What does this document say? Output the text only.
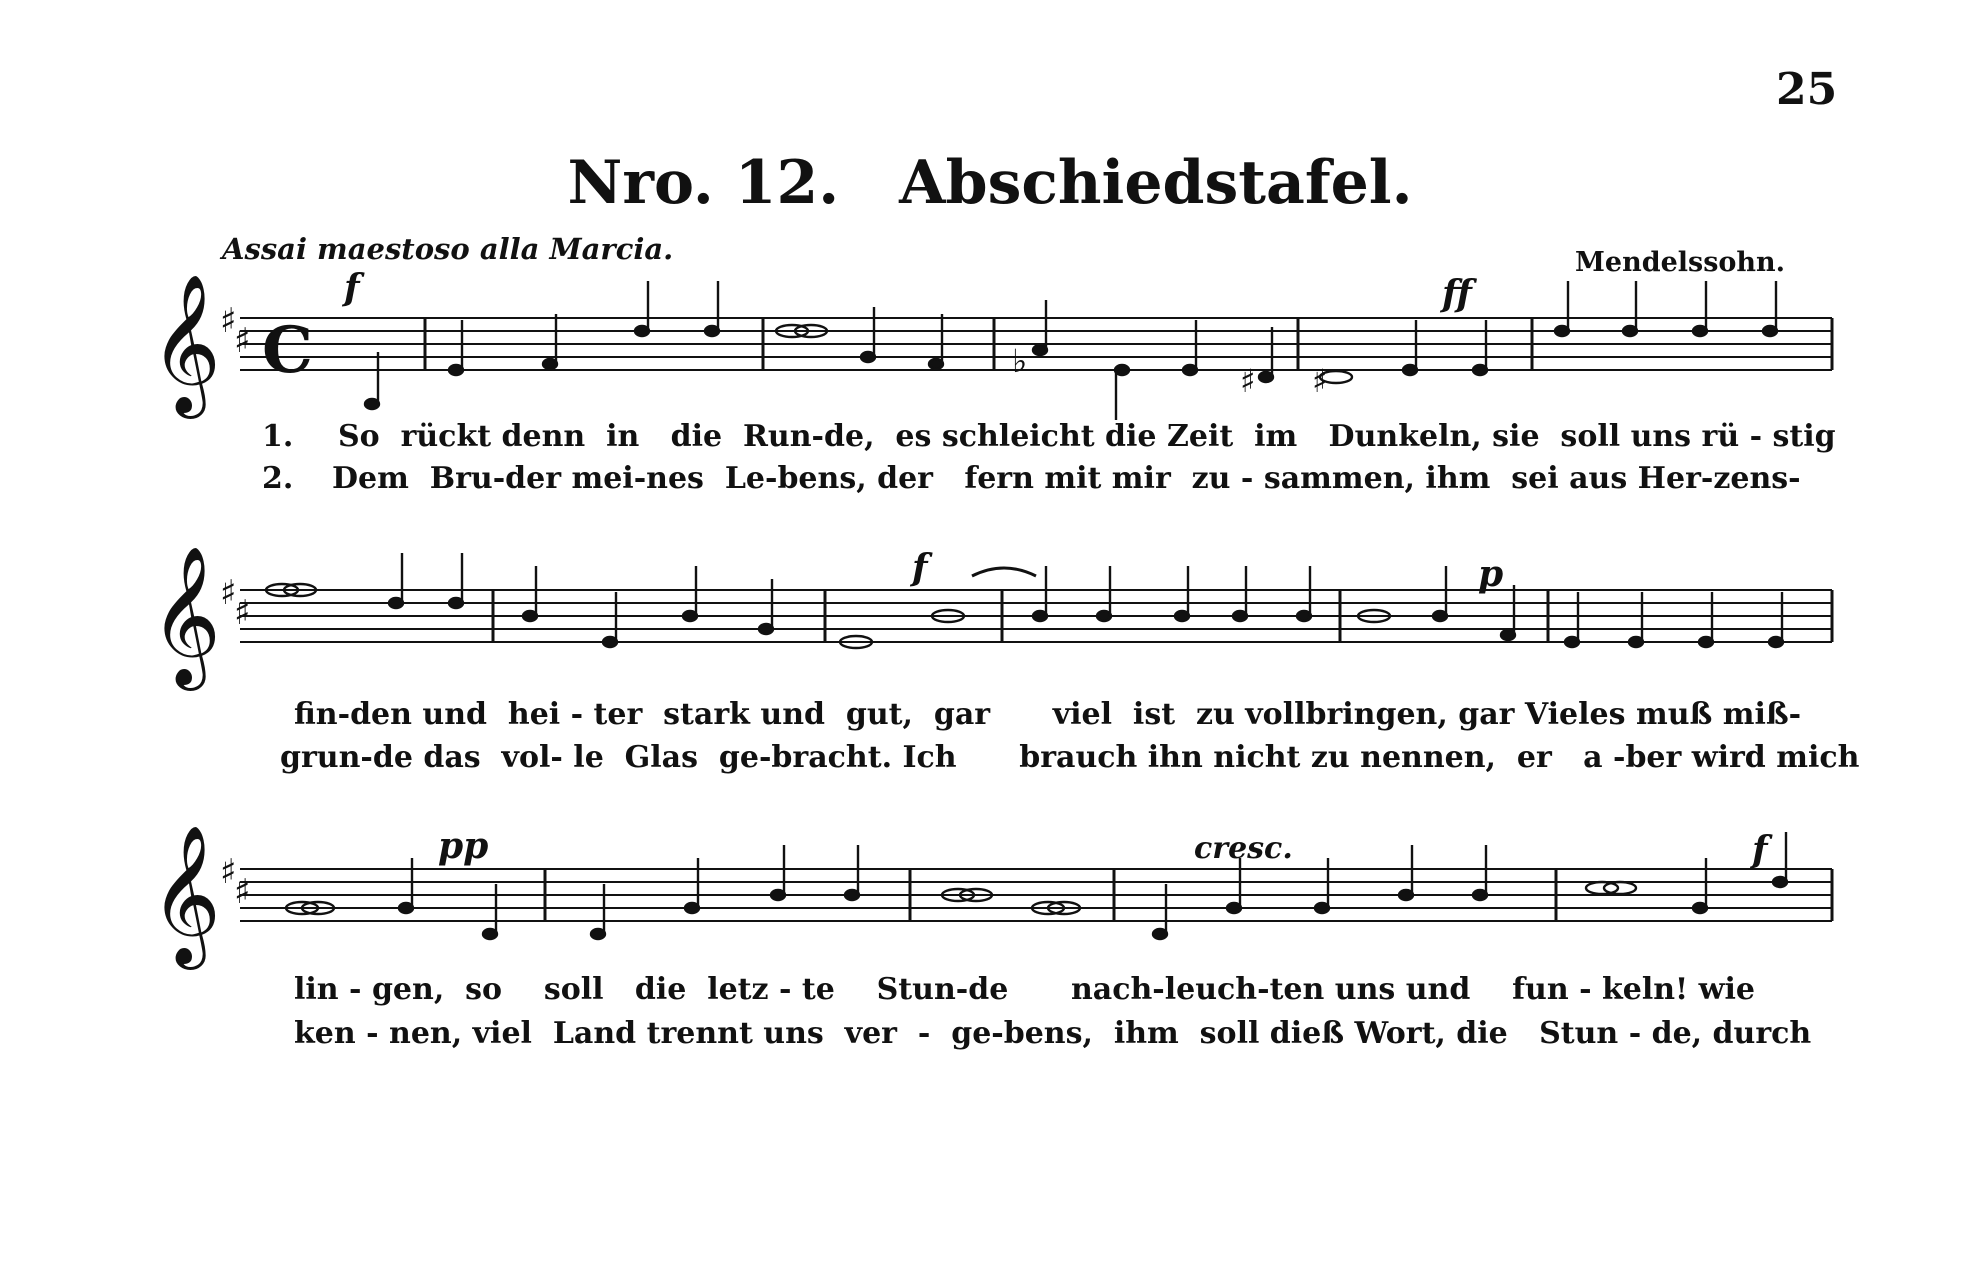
25
Nro. 12. Abschiedstafel.
Assai maestoso alla Marcia.	Mendelssohn.
1.
2.
So  rückt denn  in   die  Run-de,  es schleicht die Zeit  im   Dunkeln, sie  soll uns rü - stig
Dem  Bru-der mei-nes  Le-bens, der   fern mit mir  zu - sammen, ihm  sei aus Her-zens-
fin-den und  hei - ter  stark und  gut,  gar      viel  ist  zu vollbringen, gar Vieles muß miß-
grun-de das  vol- le  Glas  ge-bracht. Ich      brauch ihn nicht zu nennen,  er   a -ber wird mich
lin - gen,  so    soll   die  letz - te    Stun-de      nach-leuch-ten uns und    fun - keln! wie
ken - nen, viel  Land trennt uns  ver  -  ge-bens,  ihm  soll dieß Wort, die   Stun - de, durch
𝄞 ♯
♯ C	♭
♯ ♯
f	ff
𝄞 ♯
♯
f	p
𝄞 ♯
♯
pp	cresc.	f
